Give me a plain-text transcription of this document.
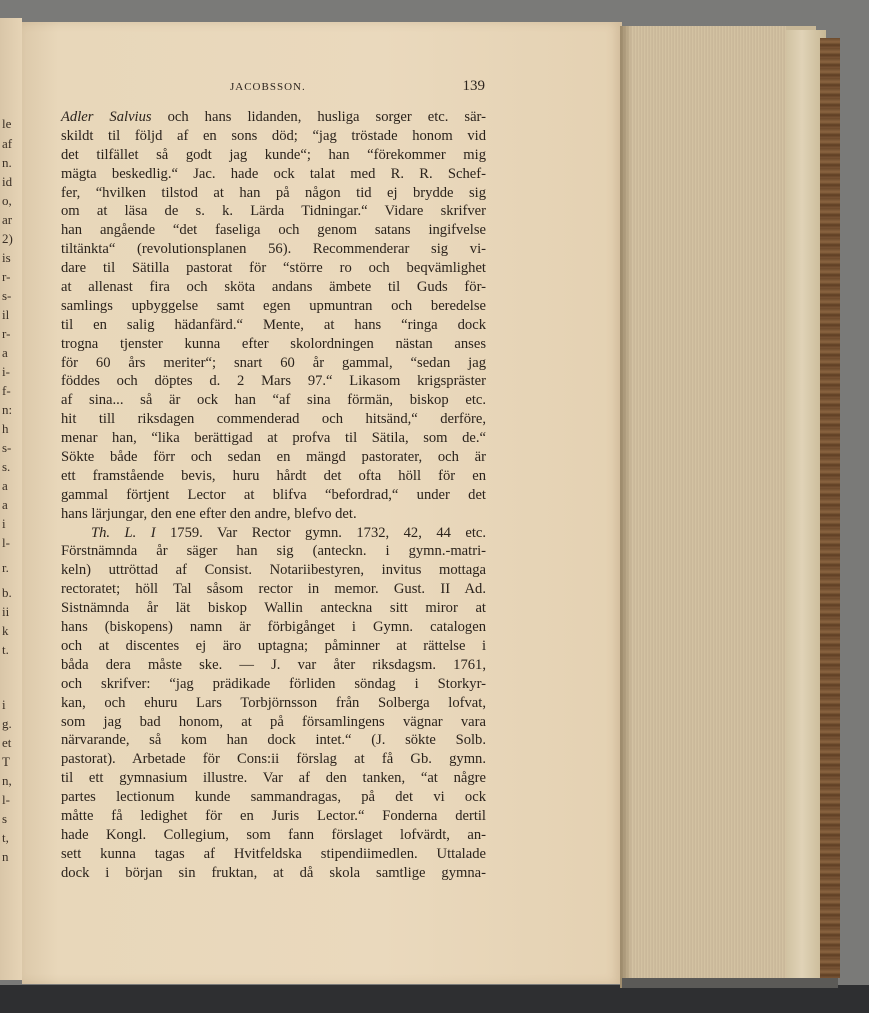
le
af
n.
id
o,
ar
2)
is
r-
s-
il
r-
a
i-
f-
n:
h
s-
s.
a
a
i
l-
r.
b.
ii
k
t.
i
g.
et
T
n,
l-
s
t,
n
JACOBSSON.	139
Adler Salvius och hans lidanden, husliga sorger etc. sär-
skildt til följd af en sons död; “jag tröstade honom vid
det tilfället så godt jag kunde“; han “förekommer mig
mägta beskedlig.“ Jac. hade ock talat med R. R. Schef-
fer, “hvilken tilstod at han på någon tid ej brydde sig
om at läsa de s. k. Lärda Tidningar.“ Vidare skrifver
han angående “det faseliga och genom satans ingifvelse
tiltänkta“ (revolutionsplanen 56). Recommenderar sig vi-
dare til Sätilla pastorat för “större ro och beqvämlighet
at allenast fira och sköta andans ämbete til Guds för-
samlings upbyggelse samt egen upmuntran och beredelse
til en salig hädanfärd.“ Mente, at hans “ringa dock
trogna tjenster kunna efter skolordningen nästan anses
för 60 års meriter“; snart 60 år gammal, “sedan jag
föddes och döptes d. 2 Mars 97.“ Likasom krigspräster
af sina... så är ock han “af sina förmän, biskop etc.
hit till riksdagen commenderad och hitsänd,“ derföre,
menar han, “lika berättigad at profva til Sätila, som de.“
Sökte både förr och sedan en mängd pastorater, och är
ett framstående bevis, huru hårdt det ofta höll för en
gammal förtjent Lector at blifva “befordrad,“ under det
hans lärjungar, den ene efter den andre, blefvo det.
Th. L. I 1759. Var Rector gymn. 1732, 42, 44 etc.
Förstnämnda år säger han sig (anteckn. i gymn.-matri-
keln) uttröttad af Consist. Notariibestyren, invitus mottaga
rectoratet; höll Tal såsom rector in memor. Gust. II Ad.
Sistnämnda år lät biskop Wallin anteckna sitt miror at
hans (biskopens) namn är förbigånget i Gymn. catalogen
och at discentes ej äro uptagna; påminner at rättelse i
båda dera måste ske. — J. var åter riksdagsm. 1761,
och skrifver: “jag prädikade förliden söndag i Storkyr-
kan, och ehuru Lars Torbjörnsson från Solberga lofvat,
som jag bad honom, at på församlingens vägnar vara
närvarande, så kom han dock intet.“ (J. sökte Solb.
pastorat). Arbetade för Cons:ii förslag at få Gb. gymn.
til ett gymnasium illustre. Var af den tanken, “at någre
partes lectionum kunde sammandragas, på det vi ock
måtte få ledighet för en Juris Lector.“ Fonderna dertil
hade Kongl. Collegium, som fann förslaget lofvärdt, an-
sett kunna tagas af Hvitfeldska stipendiimedlen. Uttalade
dock i början sin fruktan, at då skola samtlige gymna-
